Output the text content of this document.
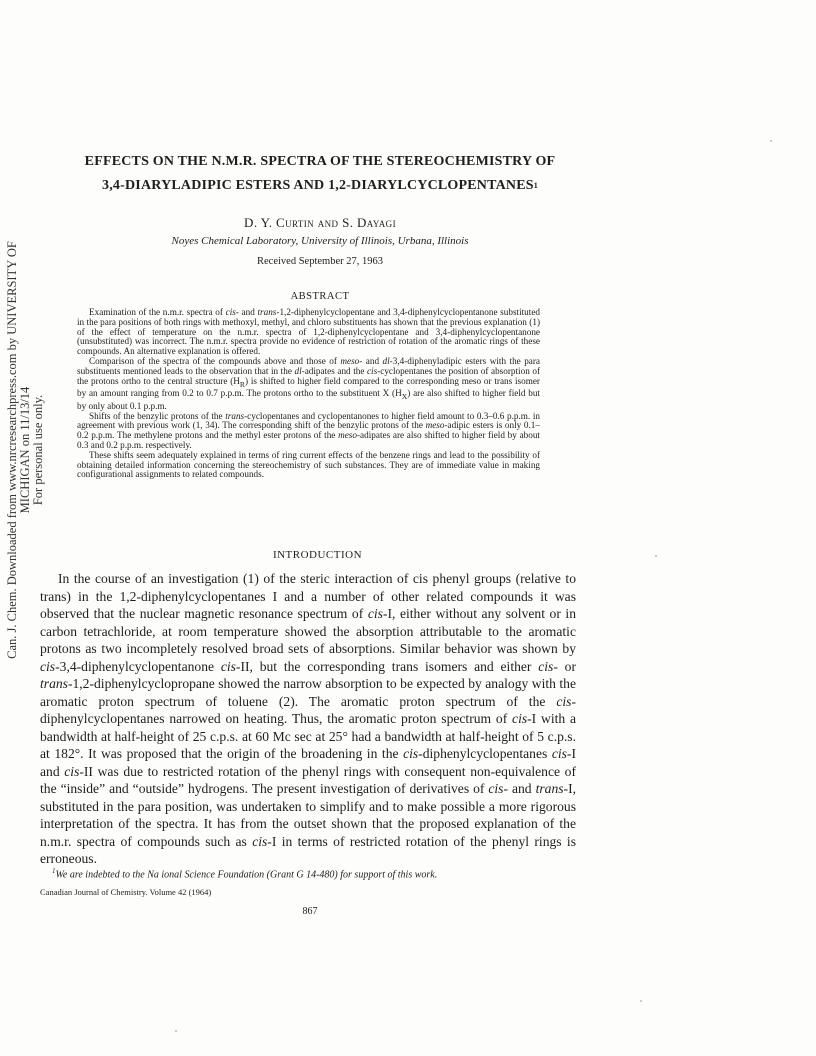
Can. J. Chem. Downloaded from www.nrcresearchpress.com by UNIVERSITY OF MICHIGAN on 11/13/14 For personal use only.
EFFECTS ON THE N.M.R. SPECTRA OF THE STEREOCHEMISTRY OF
3,4-DIARYLADIPIC ESTERS AND 1,2-DIARYLCYCLOPENTANES$^1$
D. Y. Curtin and S. Dayagi
Noyes Chemical Laboratory, University of Illinois, Urbana, Illinois
Received September 27, 1963
ABSTRACT

Examination of the n.m.r. spectra of cis- and trans-1,2-diphenylcyclopentane and 3,4-diphenylcyclopentanone substituted in the para positions of both rings with methoxyl, methyl, and chloro substituents has shown that the previous explanation (1) of the effect of temperature on the n.m.r. spectra of 1,2-diphenylcyclopentane and 3,4-diphenylcyclopentanone (unsubstituted) was incorrect. The n.m.r. spectra provide no evidence of restriction of rotation of the aromatic rings of these compounds. An alternative explanation is offered.

Comparison of the spectra of the compounds above and those of meso- and dl-3,4-diphenyladipic esters with the para substituents mentioned leads to the observation that in the dl-adipates and the cis-cyclopentanes the position of absorption of the protons ortho to the central structure $(H_R)$ is shifted to higher field compared to the corresponding meso or trans isomer by an amount ranging from 0.2 to 0.7 p.p.m. The protons ortho to the substituent X $(H_X)$ are also shifted to higher field but by only about 0.1 p.p.m.

Shifts of the benzylic protons of the trans-cyclopentanes and cyclopentanones to higher field amount to 0.3–0.6 p.p.m. in agreement with previous work (1, 34). The corresponding shift of the benzylic protons of the meso-adipic esters is only 0.1–0.2 p.p.m. The methylene protons and the methyl ester protons of the meso-adipates are also shifted to higher field by about 0.3 and 0.2 p.p.m. respectively.

These shifts seem adequately explained in terms of ring current effects of the benzene rings and lead to the possibility of obtaining detailed information concerning the stereochemistry of such substances. They are of immediate value in making configurational assignments to related compounds.

INTRODUCTION

In the course of an investigation (1) of the steric interaction of cis phenyl groups (relative to trans) in the 1,2-diphenylcyclopentanes I and a number of other related compounds it was observed that the nuclear magnetic resonance spectrum of cis-I, either without any solvent or in carbon tetrachloride, at room temperature showed the absorption attributable to the aromatic protons as two incompletely resolved broad sets of absorptions. Similar behavior was shown by cis-3,4-diphenylcyclopentanone cis-II, but the corresponding trans isomers and either cis- or trans-1,2-diphenylcyclopropane showed the narrow absorption to be expected by analogy with the aromatic proton spectrum of toluene (2). The aromatic proton spectrum of the cis-diphenylcyclopentanes narrowed on heating. Thus, the aromatic proton spectrum of cis-I with a bandwidth at half-height of 25 c.p.s. at 60 Mc sec at 25° had a bandwidth at half-height of 5 c.p.s. at 182°. It was proposed that the origin of the broadening in the cis-diphenylcyclopentanes cis-I and cis-II was due to restricted rotation of the phenyl rings with consequent non-equivalence of the “inside” and “outside” hydrogens. The present investigation of derivatives of cis- and trans-I, substituted in the para position, was undertaken to simplify and to make possible a more rigorous interpretation of the spectra. It has from the outset shown that the proposed explanation of the n.m.r. spectra of compounds such as cis-I in terms of restricted rotation of the phenyl rings is erroneous.

$^1$We are indebted to the Na ional Science Foundation (Grant G 14-480) for support of this work.
Canadian Journal of Chemistry. Volume 42 (1964)
867
